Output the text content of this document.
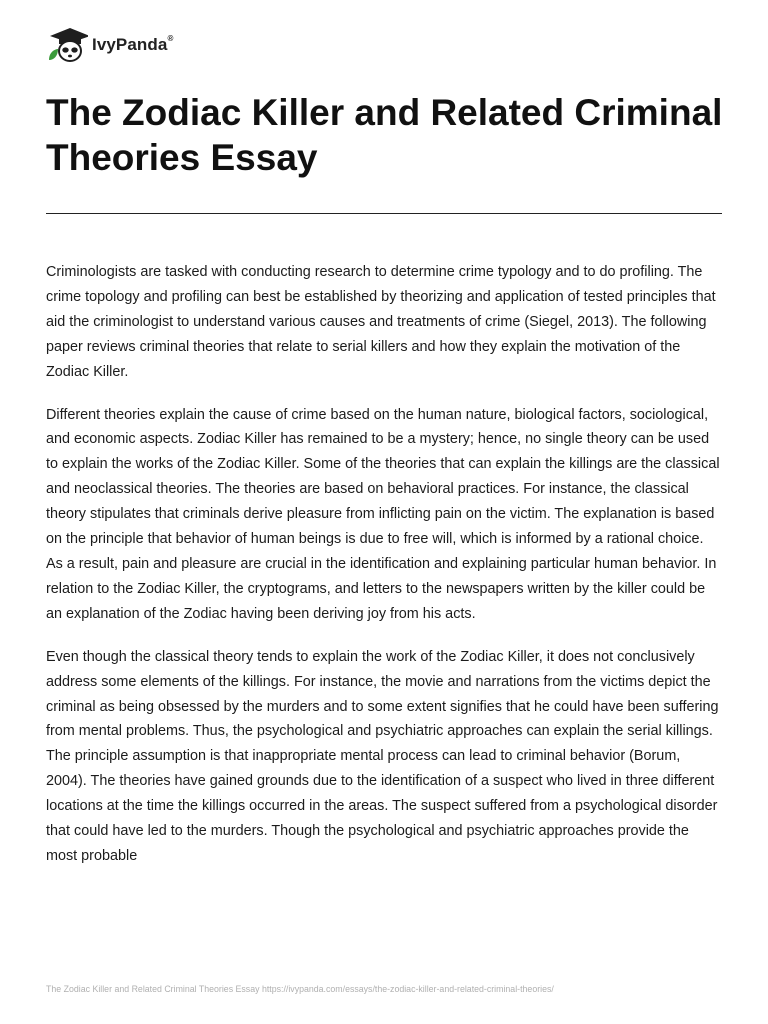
IvyPanda®
The Zodiac Killer and Related Criminal Theories Essay

Criminologists are tasked with conducting research to determine crime typology and to do profiling. The crime topology and profiling can best be established by theorizing and application of tested principles that aid the criminologist to understand various causes and treatments of crime (Siegel, 2013). The following paper reviews criminal theories that relate to serial killers and how they explain the motivation of the Zodiac Killer.

Different theories explain the cause of crime based on the human nature, biological factors, sociological, and economic aspects. Zodiac Killer has remained to be a mystery; hence, no single theory can be used to explain the works of the Zodiac Killer. Some of the theories that can explain the killings are the classical and neoclassical theories. The theories are based on behavioral practices. For instance, the classical theory stipulates that criminals derive pleasure from inflicting pain on the victim. The explanation is based on the principle that behavior of human beings is due to free will, which is informed by a rational choice. As a result, pain and pleasure are crucial in the identification and explaining particular human behavior. In relation to the Zodiac Killer, the cryptograms, and letters to the newspapers written by the killer could be an explanation of the Zodiac having been deriving joy from his acts.

Even though the classical theory tends to explain the work of the Zodiac Killer, it does not conclusively address some elements of the killings. For instance, the movie and narrations from the victims depict the criminal as being obsessed by the murders and to some extent signifies that he could have been suffering from mental problems. Thus, the psychological and psychiatric approaches can explain the serial killings. The principle assumption is that inappropriate mental process can lead to criminal behavior (Borum, 2004). The theories have gained grounds due to the identification of a suspect who lived in three different locations at the time the killings occurred in the areas. The suspect suffered from a psychological disorder that could have led to the murders. Though the psychological and psychiatric approaches provide the most probable

The Zodiac Killer and Related Criminal Theories Essay https://ivypanda.com/essays/the-zodiac-killer-and-related-criminal-theories/
